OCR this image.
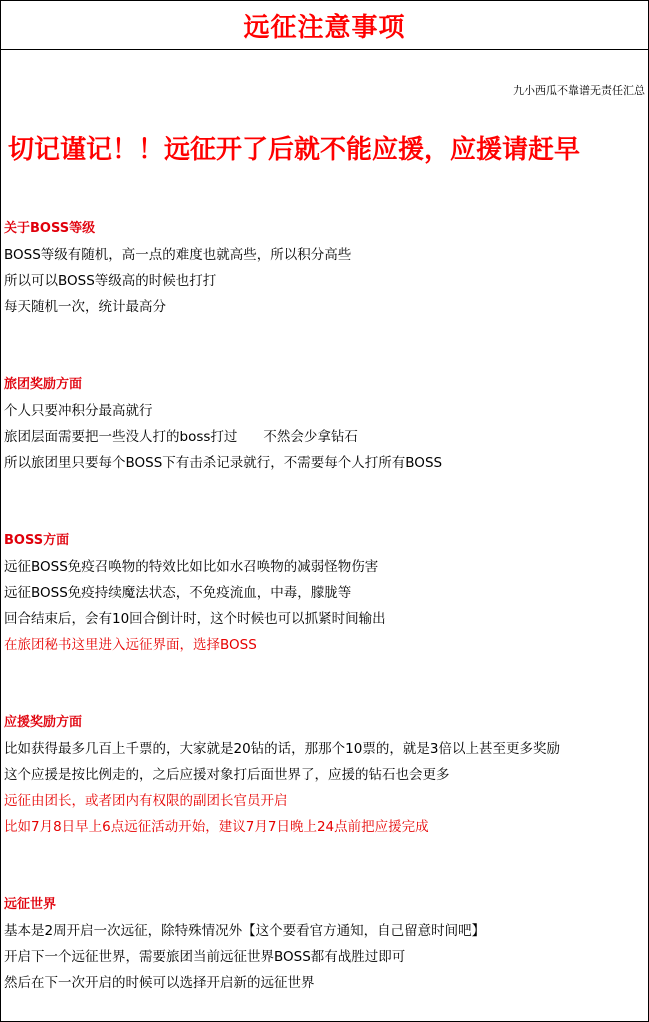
远征注意事项
九小西瓜不靠谱无责任汇总
切记谨记！！远征开了后就不能应援，应援请赶早
关于BOSS等级
BOSS等级有随机，高一点的难度也就高些，所以积分高些
所以可以BOSS等级高的时候也打打
每天随机一次，统计最高分
旅团奖励方面
个人只要冲积分最高就行
旅团层面需要把一些没人打的boss打过 不然会少拿钻石
所以旅团里只要每个BOSS下有击杀记录就行，不需要每个人打所有BOSS
BOSS方面
远征BOSS免疫召唤物的特效比如比如水召唤物的减弱怪物伤害
远征BOSS免疫持续魔法状态，不免疫流血，中毒，朦胧等
回合结束后，会有10回合倒计时，这个时候也可以抓紧时间输出
在旅团秘书这里进入远征界面，选择BOSS
应援奖励方面
比如获得最多几百上千票的，大家就是20钻的话，那那个10票的，就是3倍以上甚至更多奖励
这个应援是按比例走的，之后应援对象打后面世界了，应援的钻石也会更多
远征由团长，或者团内有权限的副团长官员开启
比如7月8日早上6点远征活动开始，建议7月7日晚上24点前把应援完成
远征世界
基本是2周开启一次远征，除特殊情况外【这个要看官方通知，自己留意时间吧】
开启下一个远征世界，需要旅团当前远征世界BOSS都有战胜过即可
然后在下一次开启的时候可以选择开启新的远征世界
